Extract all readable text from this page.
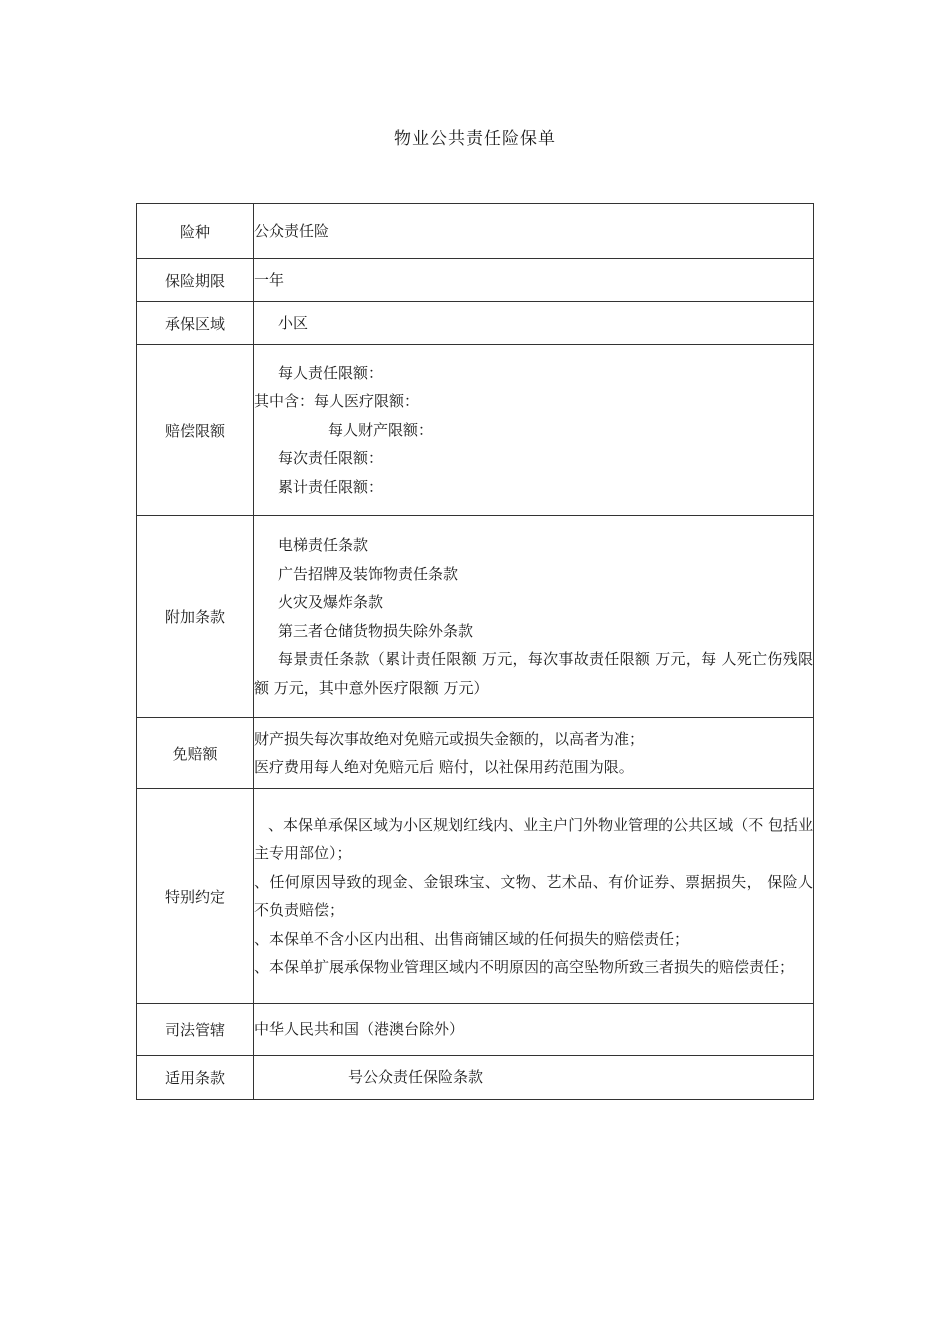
物业公共责任险保单
险种	公众责任险

保险期限	一年

承保区域	小区

赔偿限额	每人责任限额：
其中含：每人医疗限额：
每人财产限额：
每次责任限额：
累计责任限额：

附加条款	电梯责任条款
广告招牌及装饰物责任条款
火灾及爆炸条款
第三者仓储货物损失除外条款
每景责任条款（累计责任限额 万元，每次事故责任限额 万元，每 人死亡伤残限额 万元，其中意外医疗限额 万元）

免赔额	财产损失每次事故绝对免赔元或损失金额的，以高者为准；
医疗费用每人绝对免赔元后 赔付，以社保用药范围为限。

特别约定	、本保单承保区域为小区规划红线内、业主户门外物业管理的公共区域（不 包括业主专用部位）；
、任何原因导致的现金、金银珠宝、文物、艺术品、有价证券、票据损失， 保险人不负责赔偿；
、本保单不含小区内出租、出售商铺区域的任何损失的赔偿责任；
、本保单扩展承保物业管理区域内不明原因的高空坠物所致三者损失的赔偿责任；

司法管辖	中华人民共和国（港澳台除外）

适用条款	号公众责任保险条款
